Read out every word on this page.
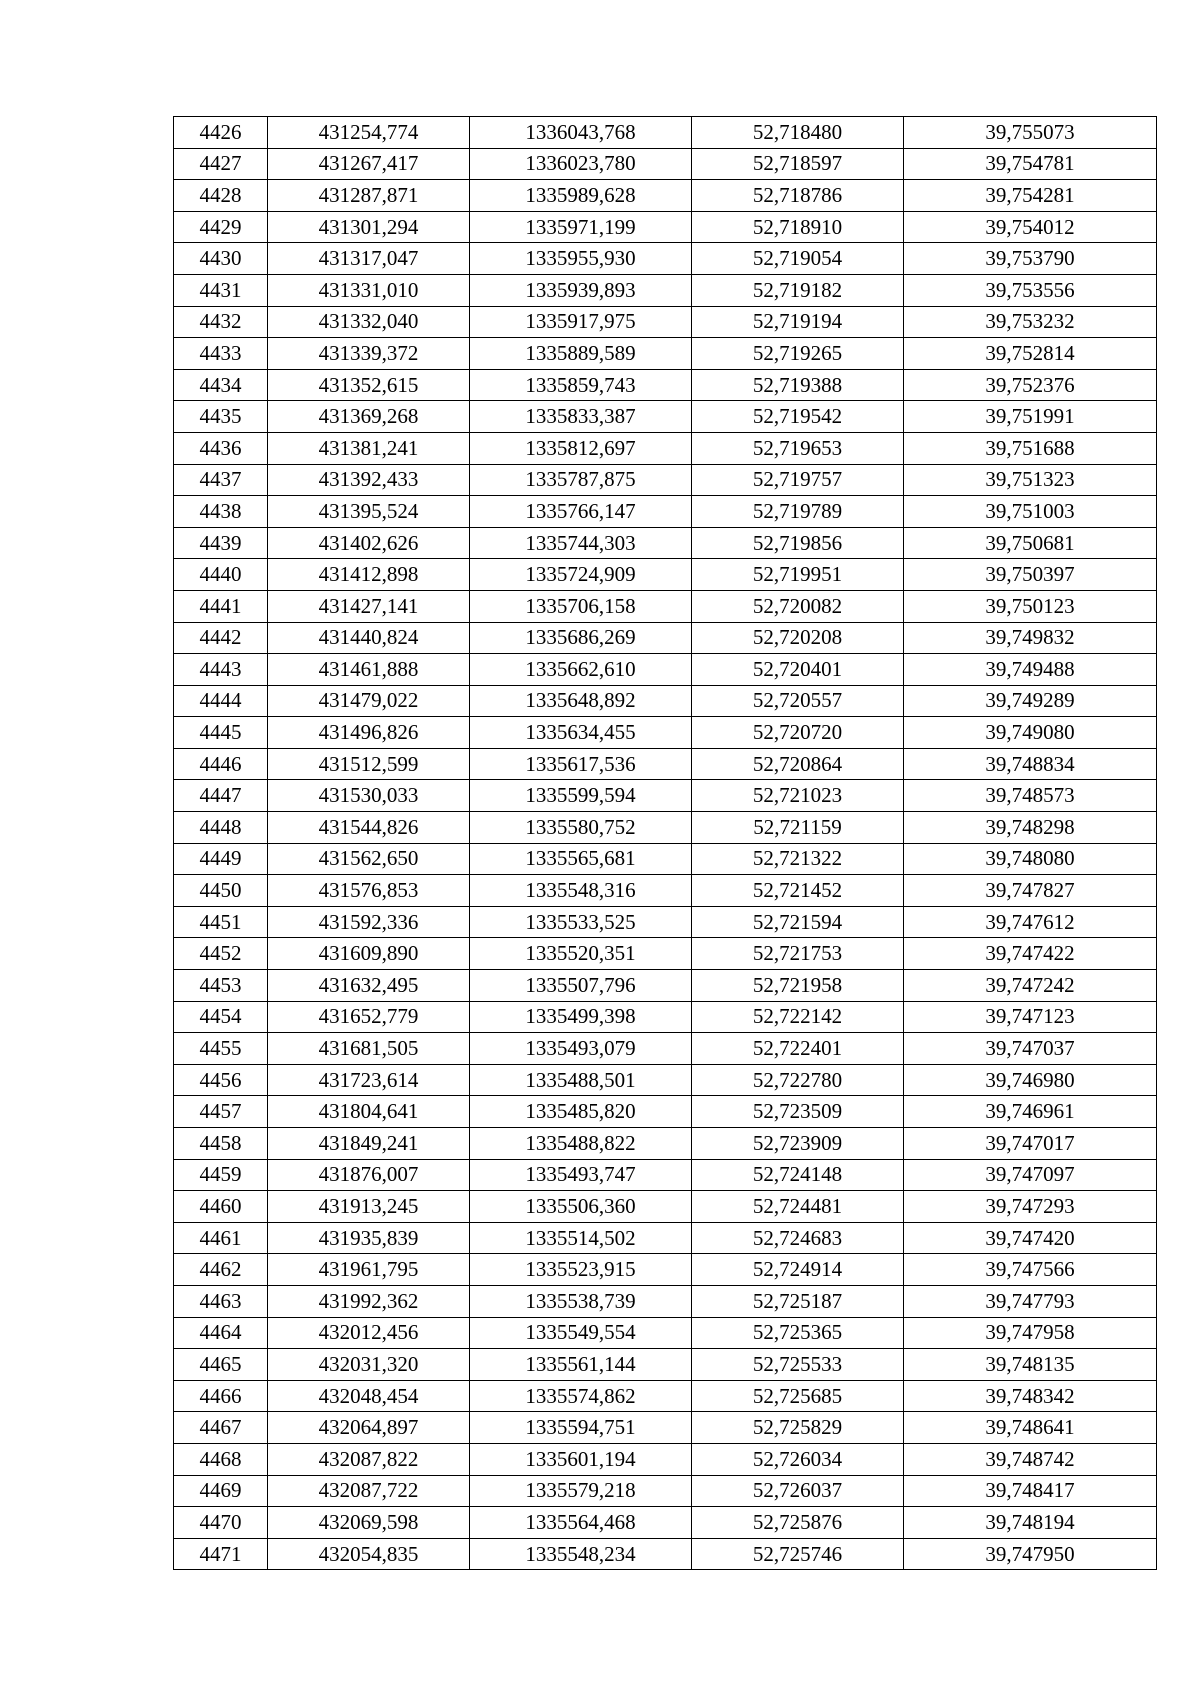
4426	431254,774	1336043,768	52,718480	39,755073
4427	431267,417	1336023,780	52,718597	39,754781
4428	431287,871	1335989,628	52,718786	39,754281
4429	431301,294	1335971,199	52,718910	39,754012
4430	431317,047	1335955,930	52,719054	39,753790
4431	431331,010	1335939,893	52,719182	39,753556
4432	431332,040	1335917,975	52,719194	39,753232
4433	431339,372	1335889,589	52,719265	39,752814
4434	431352,615	1335859,743	52,719388	39,752376
4435	431369,268	1335833,387	52,719542	39,751991
4436	431381,241	1335812,697	52,719653	39,751688
4437	431392,433	1335787,875	52,719757	39,751323
4438	431395,524	1335766,147	52,719789	39,751003
4439	431402,626	1335744,303	52,719856	39,750681
4440	431412,898	1335724,909	52,719951	39,750397
4441	431427,141	1335706,158	52,720082	39,750123
4442	431440,824	1335686,269	52,720208	39,749832
4443	431461,888	1335662,610	52,720401	39,749488
4444	431479,022	1335648,892	52,720557	39,749289
4445	431496,826	1335634,455	52,720720	39,749080
4446	431512,599	1335617,536	52,720864	39,748834
4447	431530,033	1335599,594	52,721023	39,748573
4448	431544,826	1335580,752	52,721159	39,748298
4449	431562,650	1335565,681	52,721322	39,748080
4450	431576,853	1335548,316	52,721452	39,747827
4451	431592,336	1335533,525	52,721594	39,747612
4452	431609,890	1335520,351	52,721753	39,747422
4453	431632,495	1335507,796	52,721958	39,747242
4454	431652,779	1335499,398	52,722142	39,747123
4455	431681,505	1335493,079	52,722401	39,747037
4456	431723,614	1335488,501	52,722780	39,746980
4457	431804,641	1335485,820	52,723509	39,746961
4458	431849,241	1335488,822	52,723909	39,747017
4459	431876,007	1335493,747	52,724148	39,747097
4460	431913,245	1335506,360	52,724481	39,747293
4461	431935,839	1335514,502	52,724683	39,747420
4462	431961,795	1335523,915	52,724914	39,747566
4463	431992,362	1335538,739	52,725187	39,747793
4464	432012,456	1335549,554	52,725365	39,747958
4465	432031,320	1335561,144	52,725533	39,748135
4466	432048,454	1335574,862	52,725685	39,748342
4467	432064,897	1335594,751	52,725829	39,748641
4468	432087,822	1335601,194	52,726034	39,748742
4469	432087,722	1335579,218	52,726037	39,748417
4470	432069,598	1335564,468	52,725876	39,748194
4471	432054,835	1335548,234	52,725746	39,747950
